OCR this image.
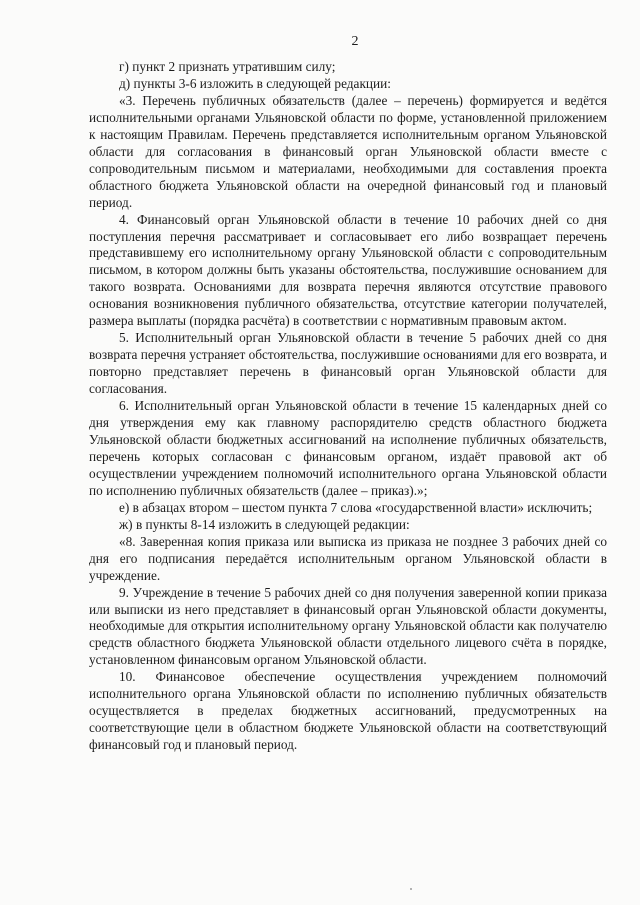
2

г) пункт 2 признать утратившим силу;

д) пункты 3-6 изложить в следующей редакции:

«3. Перечень публичных обязательств (далее – перечень) формируется и ведётся исполнительными органами Ульяновской области по форме, установленной приложением к настоящим Правилам. Перечень представляется исполнительным органом Ульяновской области для согласования в финансовый орган Ульяновской области вместе с сопроводительным письмом и материалами, необходимыми для составления проекта областного бюджета Ульяновской области на очередной финансовый год и плановый период.

4. Финансовый орган Ульяновской области в течение 10 рабочих дней со дня поступления перечня рассматривает и согласовывает его либо возвращает перечень представившему его исполнительному органу Ульяновской области с сопроводительным письмом, в котором должны быть указаны обстоятельства, послужившие основанием для такого возврата. Основаниями для возврата перечня являются отсутствие правового основания возникновения публичного обязательства, отсутствие категории получателей, размера выплаты (порядка расчёта) в соответствии с нормативным правовым актом.

5. Исполнительный орган Ульяновской области в течение 5 рабочих дней со дня возврата перечня устраняет обстоятельства, послужившие основаниями для его возврата, и повторно представляет перечень в финансовый орган Ульяновской области для согласования.

6. Исполнительный орган Ульяновской области в течение 15 календарных дней со дня утверждения ему как главному распорядителю средств областного бюджета Ульяновской области бюджетных ассигнований на исполнение публичных обязательств, перечень которых согласован с финансовым органом, издаёт правовой акт об осуществлении учреждением полномочий исполнительного органа Ульяновской области по исполнению публичных обязательств (далее – приказ).»;

е) в абзацах втором – шестом пункта 7 слова «государственной власти» исключить;

ж) в пункты 8-14 изложить в следующей редакции:

«8. Заверенная копия приказа или выписка из приказа не позднее 3 рабочих дней со дня его подписания передаётся исполнительным органом Ульяновской области в учреждение.

9. Учреждение в течение 5 рабочих дней со дня получения заверенной копии приказа или выписки из него представляет в финансовый орган Ульяновской области документы, необходимые для открытия исполнительному органу Ульяновской области как получателю средств областного бюджета Ульяновской области отдельного лицевого счёта в порядке, установленном финансовым органом Ульяновской области.

10. Финансовое обеспечение осуществления учреждением полномочий исполнительного органа Ульяновской области по исполнению публичных обязательств осуществляется в пределах бюджетных ассигнований, предусмотренных на соответствующие цели в областном бюджете Ульяновской области на соответствующий финансовый год и плановый период.
